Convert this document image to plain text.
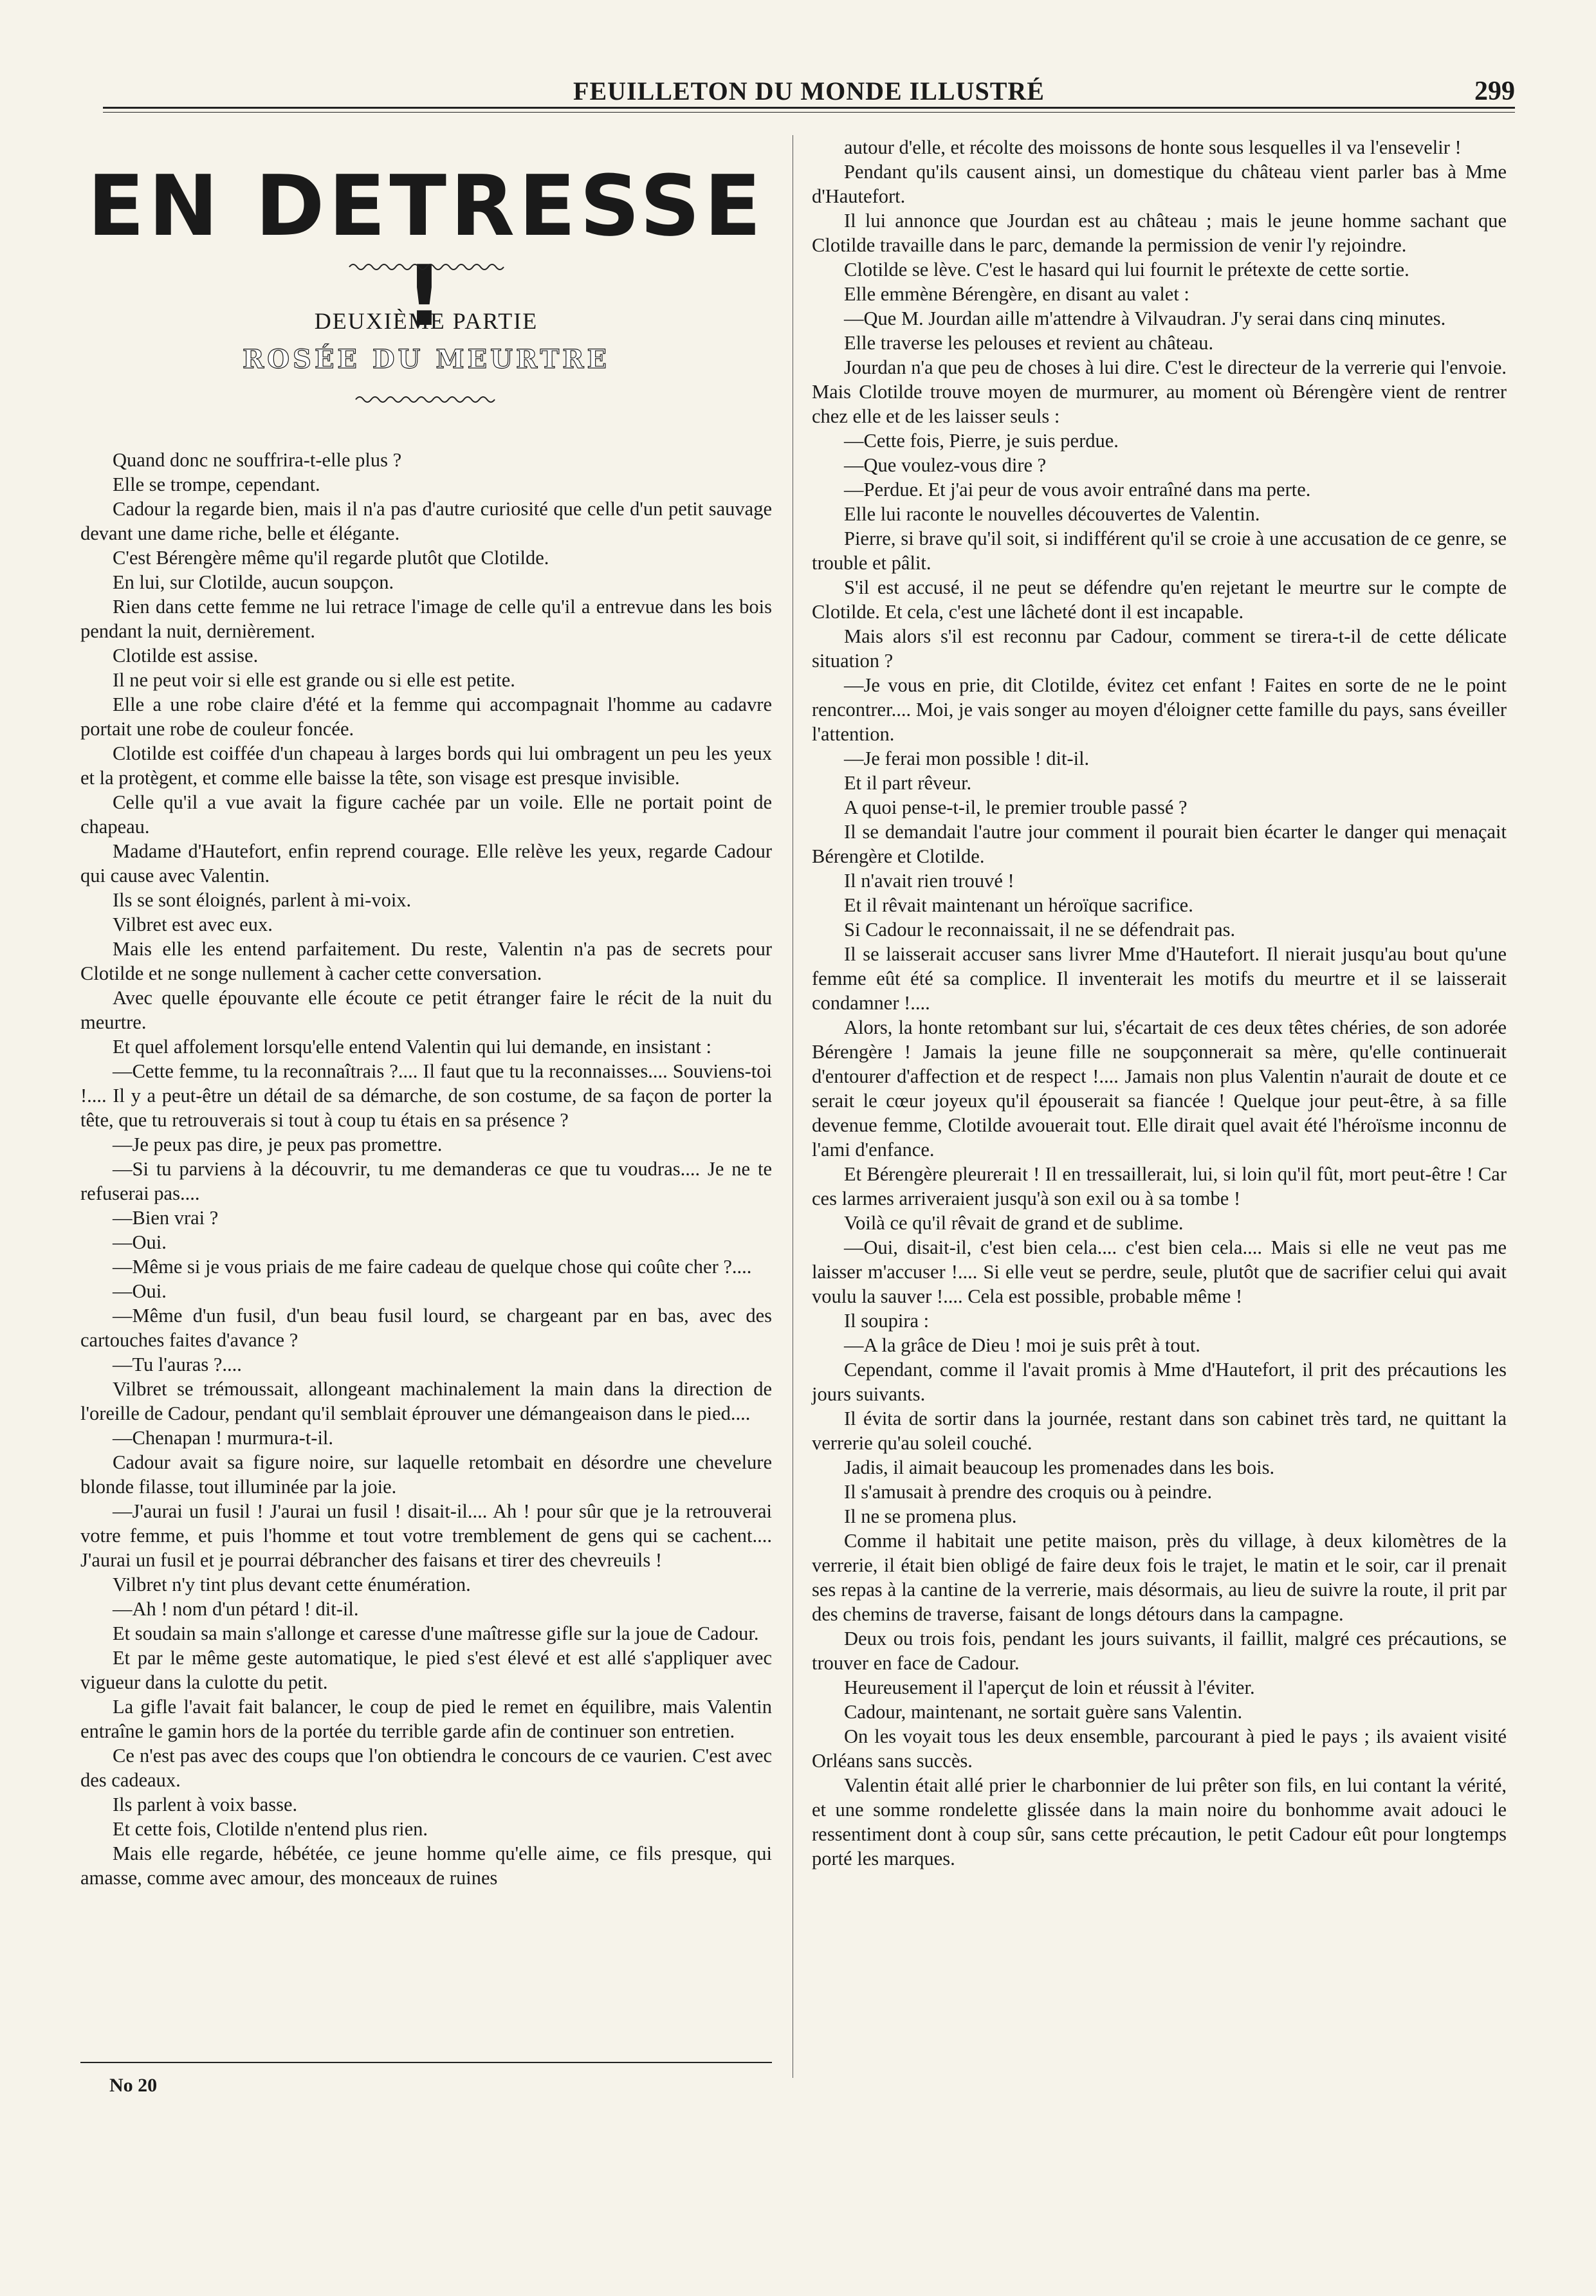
FEUILLETON DU MONDE ILLUSTRÉ	299
EN DETRESSE !
DEUXIÈME PARTIE
ROSÉE DU MEURTRE

Quand donc ne souffrira-t-elle plus ?

Elle se trompe, cependant.

Cadour la regarde bien, mais il n'a pas d'autre curiosité que celle d'un petit sauvage devant une dame riche, belle et élégante.

C'est Bérengère même qu'il regarde plutôt que Clotilde.

En lui, sur Clotilde, aucun soupçon.

Rien dans cette femme ne lui retrace l'image de celle qu'il a entrevue dans les bois pendant la nuit, dernièrement.

Clotilde est assise.

Il ne peut voir si elle est grande ou si elle est petite.

Elle a une robe claire d'été et la femme qui accompagnait l'homme au cadavre portait une robe de couleur foncée.

Clotilde est coiffée d'un chapeau à larges bords qui lui ombragent un peu les yeux et la protègent, et comme elle baisse la tête, son visage est presque invisible.

Celle qu'il a vue avait la figure cachée par un voile. Elle ne portait point de chapeau.

Madame d'Hautefort, enfin reprend courage. Elle relève les yeux, regarde Cadour qui cause avec Valentin.

Ils se sont éloignés, parlent à mi-voix.

Vilbret est avec eux.

Mais elle les entend parfaitement. Du reste, Valentin n'a pas de secrets pour Clotilde et ne songe nullement à cacher cette conversation.

Avec quelle épouvante elle écoute ce petit étranger faire le récit de la nuit du meurtre.

Et quel affolement lorsqu'elle entend Valentin qui lui demande, en insistant :

—Cette femme, tu la reconnaîtrais ?.... Il faut que tu la reconnaisses.... Souviens-toi !.... Il y a peut-être un détail de sa démarche, de son costume, de sa façon de porter la tête, que tu retrouverais si tout à coup tu étais en sa présence ?

—Je peux pas dire, je peux pas promettre.

—Si tu parviens à la découvrir, tu me demanderas ce que tu voudras.... Je ne te refuserai pas....

—Bien vrai ?

—Oui.

—Même si je vous priais de me faire cadeau de quelque chose qui coûte cher ?....

—Oui.

—Même d'un fusil, d'un beau fusil lourd, se chargeant par en bas, avec des cartouches faites d'avance ?

—Tu l'auras ?....

Vilbret se trémoussait, allongeant machinalement la main dans la direction de l'oreille de Cadour, pendant qu'il semblait éprouver une démangeaison dans le pied....

—Chenapan ! murmura-t-il.

Cadour avait sa figure noire, sur laquelle retombait en désordre une chevelure blonde filasse, tout illuminée par la joie.

—J'aurai un fusil ! J'aurai un fusil ! disait-il.... Ah ! pour sûr que je la retrouverai votre femme, et puis l'homme et tout votre tremblement de gens qui se cachent.... J'aurai un fusil et je pourrai débrancher des faisans et tirer des chevreuils !

Vilbret n'y tint plus devant cette énumération.

—Ah ! nom d'un pétard ! dit-il.

Et soudain sa main s'allonge et caresse d'une maîtresse gifle sur la joue de Cadour.

Et par le même geste automatique, le pied s'est élevé et est allé s'appliquer avec vigueur dans la culotte du petit.

La gifle l'avait fait balancer, le coup de pied le remet en équilibre, mais Valentin entraîne le gamin hors de la portée du terrible garde afin de continuer son entretien.

Ce n'est pas avec des coups que l'on obtiendra le concours de ce vaurien. C'est avec des cadeaux.

Ils parlent à voix basse.

Et cette fois, Clotilde n'entend plus rien.

Mais elle regarde, hébétée, ce jeune homme qu'elle aime, ce fils presque, qui amasse, comme avec amour, des monceaux de ruines

autour d'elle, et récolte des moissons de honte sous lesquelles il va l'ensevelir !

Pendant qu'ils causent ainsi, un domestique du château vient parler bas à Mme d'Hautefort.

Il lui annonce que Jourdan est au château ; mais le jeune homme sachant que Clotilde travaille dans le parc, demande la permission de venir l'y rejoindre.

Clotilde se lève. C'est le hasard qui lui fournit le prétexte de cette sortie.

Elle emmène Bérengère, en disant au valet :

—Que M. Jourdan aille m'attendre à Vilvaudran. J'y serai dans cinq minutes.

Elle traverse les pelouses et revient au château.

Jourdan n'a que peu de choses à lui dire. C'est le directeur de la verrerie qui l'envoie. Mais Clotilde trouve moyen de murmurer, au moment où Bérengère vient de rentrer chez elle et de les laisser seuls :

—Cette fois, Pierre, je suis perdue.

—Que voulez-vous dire ?

—Perdue. Et j'ai peur de vous avoir entraîné dans ma perte.

Elle lui raconte le nouvelles découvertes de Valentin.

Pierre, si brave qu'il soit, si indifférent qu'il se croie à une accusation de ce genre, se trouble et pâlit.

S'il est accusé, il ne peut se défendre qu'en rejetant le meurtre sur le compte de Clotilde. Et cela, c'est une lâcheté dont il est incapable.

Mais alors s'il est reconnu par Cadour, comment se tirera-t-il de cette délicate situation ?

—Je vous en prie, dit Clotilde, évitez cet enfant ! Faites en sorte de ne le point rencontrer.... Moi, je vais songer au moyen d'éloigner cette famille du pays, sans éveiller l'attention.

—Je ferai mon possible ! dit-il.

Et il part rêveur.

A quoi pense-t-il, le premier trouble passé ?

Il se demandait l'autre jour comment il pourait bien écarter le danger qui menaçait Bérengère et Clotilde.

Il n'avait rien trouvé !

Et il rêvait maintenant un héroïque sacrifice.

Si Cadour le reconnaissait, il ne se défendrait pas.

Il se laisserait accuser sans livrer Mme d'Hautefort. Il nierait jusqu'au bout qu'une femme eût été sa complice. Il inventerait les motifs du meurtre et il se laisserait condamner !....

Alors, la honte retombant sur lui, s'écartait de ces deux têtes chéries, de son adorée Bérengère ! Jamais la jeune fille ne soupçonnerait sa mère, qu'elle continuerait d'entourer d'affection et de respect !.... Jamais non plus Valentin n'aurait de doute et ce serait le cœur joyeux qu'il épouserait sa fiancée ! Quelque jour peut-être, à sa fille devenue femme, Clotilde avouerait tout. Elle dirait quel avait été l'héroïsme inconnu de l'ami d'enfance.

Et Bérengère pleurerait ! Il en tressaillerait, lui, si loin qu'il fût, mort peut-être ! Car ces larmes arriveraient jusqu'à son exil ou à sa tombe !

Voilà ce qu'il rêvait de grand et de sublime.

—Oui, disait-il, c'est bien cela.... c'est bien cela.... Mais si elle ne veut pas me laisser m'accuser !.... Si elle veut se perdre, seule, plutôt que de sacrifier celui qui avait voulu la sauver !.... Cela est possible, probable même !

Il soupira :

—A la grâce de Dieu ! moi je suis prêt à tout.

Cependant, comme il l'avait promis à Mme d'Hautefort, il prit des précautions les jours suivants.

Il évita de sortir dans la journée, restant dans son cabinet très tard, ne quittant la verrerie qu'au soleil couché.

Jadis, il aimait beaucoup les promenades dans les bois.

Il s'amusait à prendre des croquis ou à peindre.

Il ne se promena plus.

Comme il habitait une petite maison, près du village, à deux kilomètres de la verrerie, il était bien obligé de faire deux fois le trajet, le matin et le soir, car il prenait ses repas à la cantine de la verrerie, mais désormais, au lieu de suivre la route, il prit par des chemins de traverse, faisant de longs détours dans la campagne.

Deux ou trois fois, pendant les jours suivants, il faillit, malgré ces précautions, se trouver en face de Cadour.

Heureusement il l'aperçut de loin et réussit à l'éviter.

Cadour, maintenant, ne sortait guère sans Valentin.

On les voyait tous les deux ensemble, parcourant à pied le pays ; ils avaient visité Orléans sans succès.

Valentin était allé prier le charbonnier de lui prêter son fils, en lui contant la vérité, et une somme rondelette glissée dans la main noire du bonhomme avait adouci le ressentiment dont à coup sûr, sans cette précaution, le petit Cadour eût pour longtemps porté les marques.

No 20
